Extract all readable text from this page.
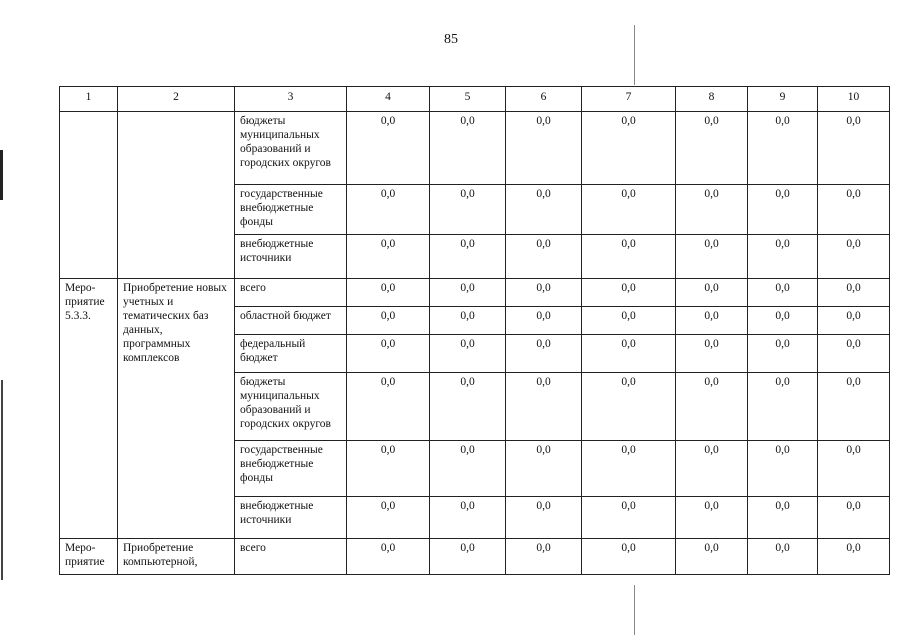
85
1	2	3	4	5	6	7	8	9	10
		бюджеты муниципальных образований и городских округов	0,0	0,0	0,0	0,0	0,0	0,0	0,0
		государственные внебюджетные фонды	0,0	0,0	0,0	0,0	0,0	0,0	0,0
		внебюджетные источники	0,0	0,0	0,0	0,0	0,0	0,0	0,0
Меро-приятие 5.3.3.	Приобретение новых учетных и тематических баз данных, программных комплексов	всего	0,0	0,0	0,0	0,0	0,0	0,0	0,0
		областной бюджет	0,0	0,0	0,0	0,0	0,0	0,0	0,0
		федеральный бюджет	0,0	0,0	0,0	0,0	0,0	0,0	0,0
		бюджеты муниципальных образований и городских округов	0,0	0,0	0,0	0,0	0,0	0,0	0,0
		государственные внебюджетные фонды	0,0	0,0	0,0	0,0	0,0	0,0	0,0
		внебюджетные источники	0,0	0,0	0,0	0,0	0,0	0,0	0,0
Меро-приятие	Приобретение компьютерной,	всего	0,0	0,0	0,0	0,0	0,0	0,0	0,0
